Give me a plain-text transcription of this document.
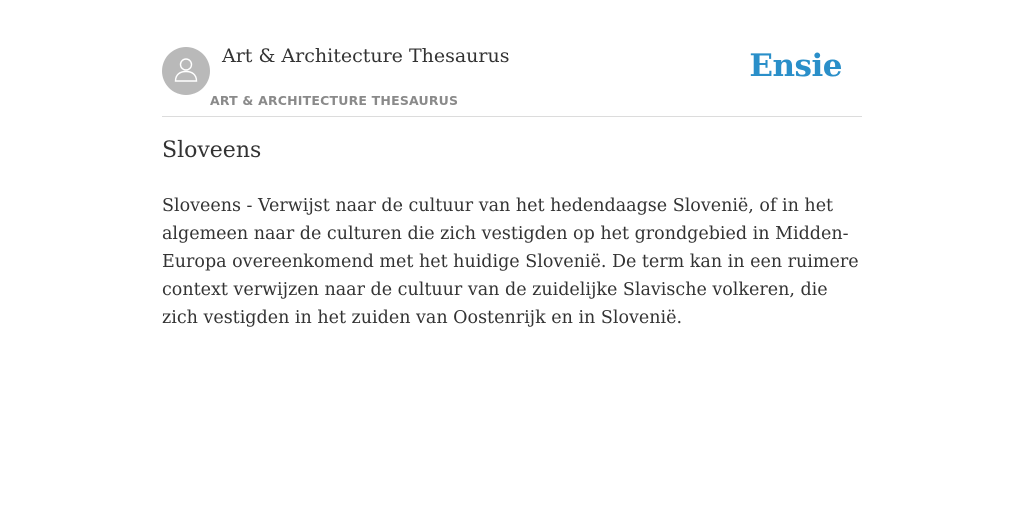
Art & Architecture Thesaurus
ART & ARCHITECTURE THESAURUS
Ensie
Sloveens

Sloveens - Verwijst naar de cultuur van het hedendaagse Slovenië, of in het algemeen naar de culturen die zich vestigden op het grondgebied in Midden-Europa overeenkomend met het huidige Slovenië. De term kan in een ruimere context verwijzen naar de cultuur van de zuidelijke Slavische volkeren, die zich vestigden in het zuiden van Oostenrijk en in Slovenië.
